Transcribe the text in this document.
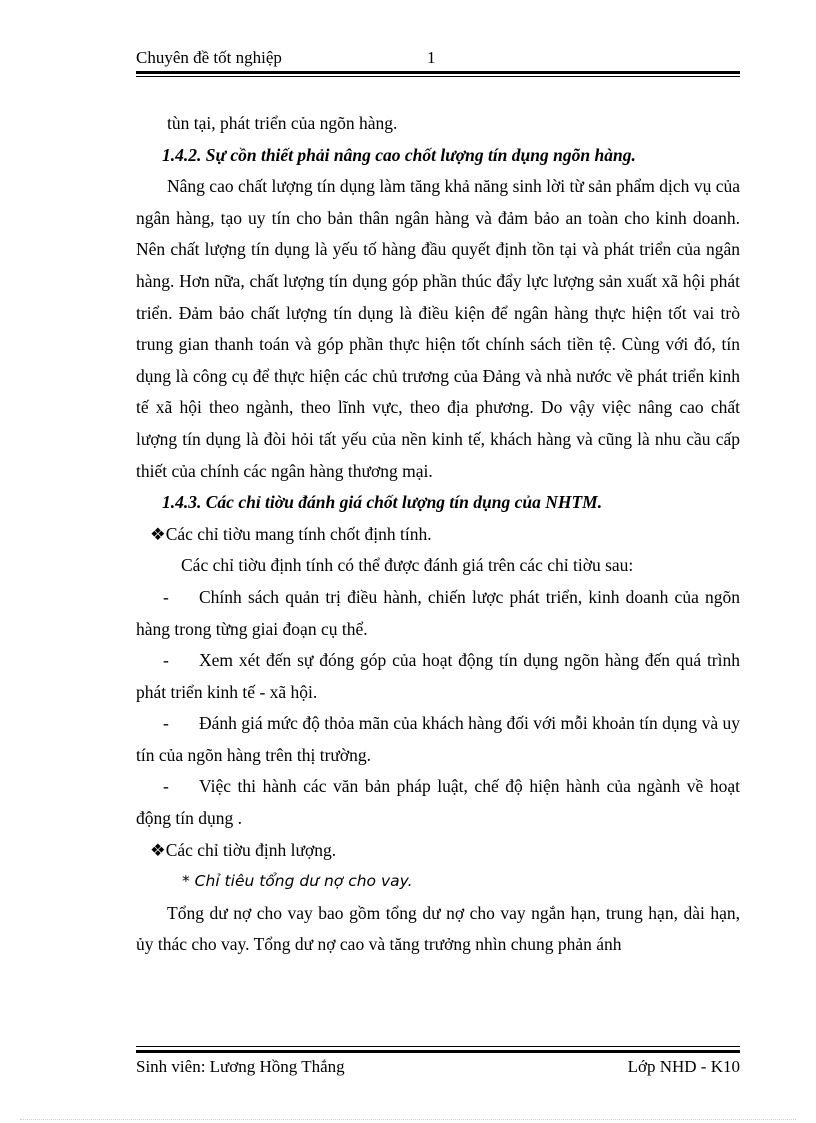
Chuyên đề tốt nghiệp	1

tùn tại, phát triển của ngõn hàng.

1.4.2. Sự cồn thiết phải nâng cao chốt lượng tín dụng ngõn hàng.

Nâng cao chất lượng tín dụng làm tăng khả năng sinh lời từ sản phẩm dịch vụ của ngân hàng, tạo uy tín cho bản thân ngân hàng và đảm bảo an toàn cho kinh doanh. Nên chất lượng tín dụng là yếu tố hàng đầu quyết định tồn tại và phát triển của ngân hàng. Hơn nữa, chất lượng tín dụng góp phần thúc đẩy lực lượng sản xuất xã hội phát triển. Đảm bảo chất lượng tín dụng là điều kiện để ngân hàng thực hiện tốt vai trò trung gian thanh toán và góp phần thực hiện tốt chính sách tiền tệ. Cùng với đó, tín dụng là công cụ để thực hiện các chủ trương của Đảng và nhà nước về phát triển kinh tế xã hội theo ngành, theo lĩnh vực, theo địa phương. Do vậy việc nâng cao chất lượng tín dụng là đòi hỏi tất yếu của nền kinh tế, khách hàng và cũng là nhu cầu cấp thiết của chính các ngân hàng thương mại.

1.4.3. Các chỉ tiờu đánh giá chốt lượng tín dụng của NHTM.

❖Các chỉ tiờu mang tính chốt định tính.

Các chỉ tiờu định tính có thể được đánh giá trên các chỉ tiờu sau:

- Chính sách quản trị điều hành, chiến lược phát triển, kinh doanh của ngõn hàng trong từng giai đoạn cụ thể.

- Xem xét đến sự đóng góp của hoạt động tín dụng ngõn hàng đến quá trình phát triển kinh tế - xã hội.

- Đánh giá mức độ thỏa mãn của khách hàng đối với mỗi khoản tín dụng và uy tín của ngõn hàng trên thị trường.

- Việc thi hành các văn bản pháp luật, chế độ hiện hành của ngành về hoạt động tín dụng .

❖Các chỉ tiờu định lượng.

* Chỉ tiêu tổng dư nợ cho vay.

Tổng dư nợ cho vay bao gồm tổng dư nợ cho vay ngắn hạn, trung hạn, dài hạn, ủy thác cho vay. Tổng dư nợ cao và tăng trưởng nhìn chung phản ánh

Sinh viên: Lương Hồng Thắng	Lớp NHD - K10
